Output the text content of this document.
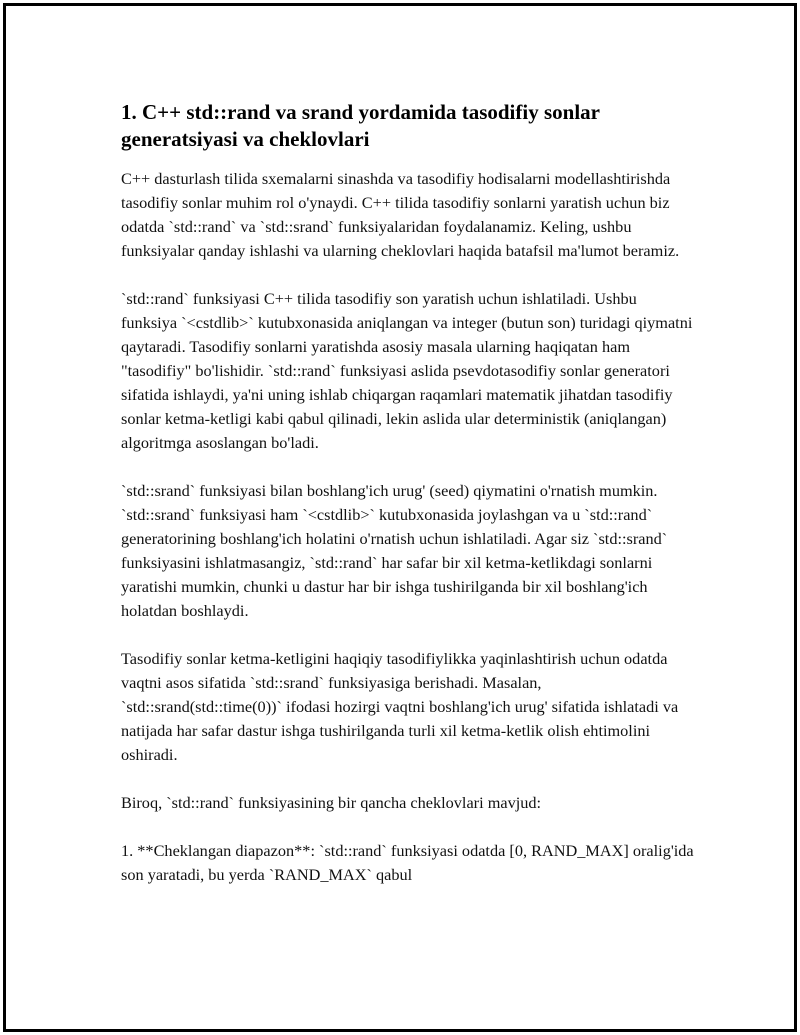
1. C++ std::rand va srand yordamida tasodifiy sonlar generatsiyasi va cheklovlari

C++ dasturlash tilida sxemalarni sinashda va tasodifiy hodisalarni modellashtirishda tasodifiy sonlar muhim rol o'ynaydi. C++ tilida tasodifiy sonlarni yaratish uchun biz odatda `std::rand` va `std::srand` funksiyalaridan foydalanamiz. Keling, ushbu funksiyalar qanday ishlashi va ularning cheklovlari haqida batafsil ma'lumot beramiz.

`std::rand` funksiyasi C++ tilida tasodifiy son yaratish uchun ishlatiladi. Ushbu funksiya `<cstdlib>` kutubxonasida aniqlangan va integer (butun son) turidagi qiymatni qaytaradi. Tasodifiy sonlarni yaratishda asosiy masala ularning haqiqatan ham "tasodifiy" bo'lishidir. `std::rand` funksiyasi aslida psevdotasodifiy sonlar generatori sifatida ishlaydi, ya'ni uning ishlab chiqargan raqamlari matematik jihatdan tasodifiy sonlar ketma-ketligi kabi qabul qilinadi, lekin aslida ular deterministik (aniqlangan) algoritmga asoslangan bo'ladi.

`std::srand` funksiyasi bilan boshlang'ich urug' (seed) qiymatini o'rnatish mumkin. `std::srand` funksiyasi ham `<cstdlib>` kutubxonasida joylashgan va u `std::rand` generatorining boshlang'ich holatini o'rnatish uchun ishlatiladi. Agar siz `std::srand` funksiyasini ishlatmasangiz, `std::rand` har safar bir xil ketma-ketlikdagi sonlarni yaratishi mumkin, chunki u dastur har bir ishga tushirilganda bir xil boshlang'ich holatdan boshlaydi.

Tasodifiy sonlar ketma-ketligini haqiqiy tasodifiylikka yaqinlashtirish uchun odatda vaqtni asos sifatida `std::srand` funksiyasiga berishadi. Masalan, `std::srand(std::time(0))` ifodasi hozirgi vaqtni boshlang'ich urug' sifatida ishlatadi va natijada har safar dastur ishga tushirilganda turli xil ketma-ketlik olish ehtimolini oshiradi.

Biroq, `std::rand` funksiyasining bir qancha cheklovlari mavjud:

1. **Cheklangan diapazon**: `std::rand` funksiyasi odatda [0, RAND_MAX] oralig'ida son yaratadi, bu yerda `RAND_MAX` qabul
